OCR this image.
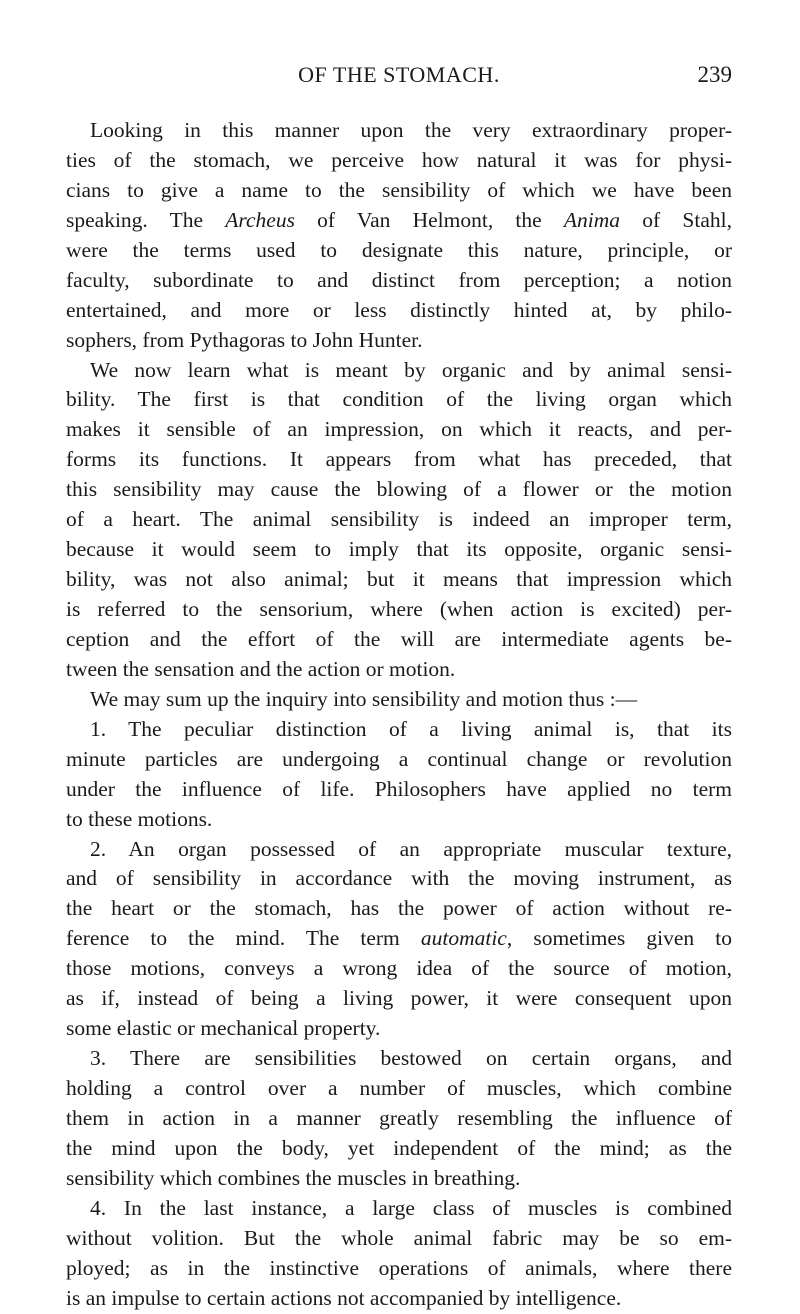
OF THE STOMACH.	239
Looking in this manner upon the very extraordinary proper-
ties of the stomach, we perceive how natural it was for physi-
cians to give a name to the sensibility of which we have been
speaking. The Archeus of Van Helmont, the Anima of Stahl,
were the terms used to designate this nature, principle, or
faculty, subordinate to and distinct from perception; a notion
entertained, and more or less distinctly hinted at, by philo-
sophers, from Pythagoras to John Hunter.
We now learn what is meant by organic and by animal sensi-
bility. The first is that condition of the living organ which
makes it sensible of an impression, on which it reacts, and per-
forms its functions. It appears from what has preceded, that
this sensibility may cause the blowing of a flower or the motion
of a heart. The animal sensibility is indeed an improper term,
because it would seem to imply that its opposite, organic sensi-
bility, was not also animal; but it means that impression which
is referred to the sensorium, where (when action is excited) per-
ception and the effort of the will are intermediate agents be-
tween the sensation and the action or motion.
We may sum up the inquiry into sensibility and motion thus :—
1. The peculiar distinction of a living animal is, that its
minute particles are undergoing a continual change or revolution
under the influence of life. Philosophers have applied no term
to these motions.
2. An organ possessed of an appropriate muscular texture,
and of sensibility in accordance with the moving instrument, as
the heart or the stomach, has the power of action without re-
ference to the mind. The term automatic, sometimes given to
those motions, conveys a wrong idea of the source of motion,
as if, instead of being a living power, it were consequent upon
some elastic or mechanical property.
3. There are sensibilities bestowed on certain organs, and
holding a control over a number of muscles, which combine
them in action in a manner greatly resembling the influence of
the mind upon the body, yet independent of the mind; as the
sensibility which combines the muscles in breathing.
4. In the last instance, a large class of muscles is combined
without volition. But the whole animal fabric may be so em-
ployed; as in the instinctive operations of animals, where there
is an impulse to certain actions not accompanied by intelligence.
